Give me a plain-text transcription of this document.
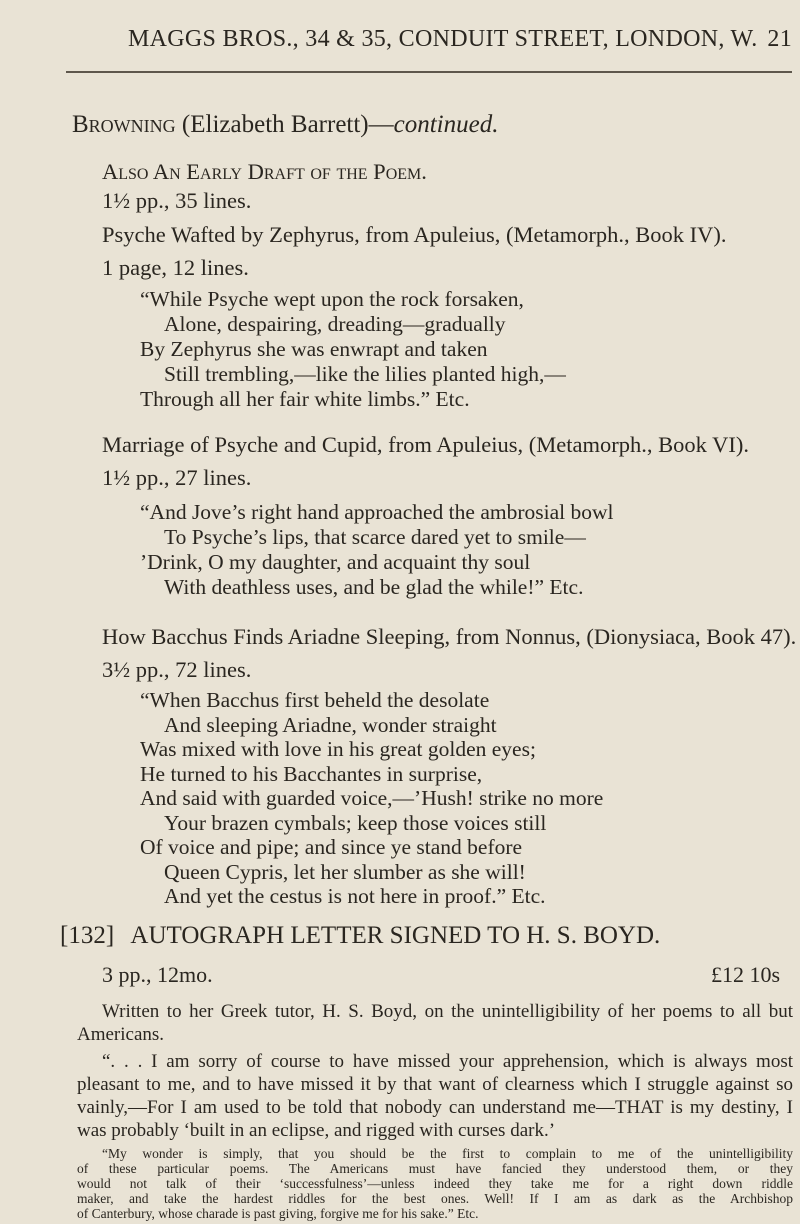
MAGGS BROS., 34 & 35, CONDUIT STREET, LONDON, W. 21
Browning (Elizabeth Barrett)—continued.
Also An Early Draft of the Poem.
1½ pp., 35 lines.
Psyche Wafted by Zephyrus, from Apuleius, (Metamorph., Book IV).
1 page, 12 lines.
“While Psyche wept upon the rock forsaken,
Alone, despairing, dreading—gradually
By Zephyrus she was enwrapt and taken
Still trembling,—like the lilies planted high,—
Through all her fair white limbs.” Etc.
Marriage of Psyche and Cupid, from Apuleius, (Metamorph., Book VI).
1½ pp., 27 lines.
“And Jove’s right hand approached the ambrosial bowl
To Psyche’s lips, that scarce dared yet to smile—
’Drink, O my daughter, and acquaint thy soul
With deathless uses, and be glad the while!” Etc.
How Bacchus Finds Ariadne Sleeping, from Nonnus, (Dionysiaca, Book 47).
3½ pp., 72 lines.
“When Bacchus first beheld the desolate
And sleeping Ariadne, wonder straight
Was mixed with love in his great golden eyes;
He turned to his Bacchantes in surprise,
And said with guarded voice,—’Hush! strike no more
Your brazen cymbals; keep those voices still
Of voice and pipe; and since ye stand before
Queen Cypris, let her slumber as she will!
And yet the cestus is not here in proof.” Etc.
[132] AUTOGRAPH LETTER SIGNED TO H. S. BOYD.
3 pp., 12mo.	£12 10s
Written to her Greek tutor, H. S. Boyd, on the unintelligibility of her poems to all but
Americans.
“. . . I am sorry of course to have missed your apprehension, which is always most
pleasant to me, and to have missed it by that want of clearness which I struggle against so
vainly,—For I am used to be told that nobody can understand me—THAT is my destiny, I
was probably ‘built in an eclipse, and rigged with curses dark.’
“My wonder is simply, that you should be the first to complain to me of the unintelligibility
of these particular poems. The Americans must have fancied they understood them, or they
would not talk of their ‘successfulness’—unless indeed they take me for a right down riddle
maker, and take the hardest riddles for the best ones. Well! If I am as dark as the Archbishop
of Canterbury, whose charade is past giving, forgive me for his sake.” Etc.
